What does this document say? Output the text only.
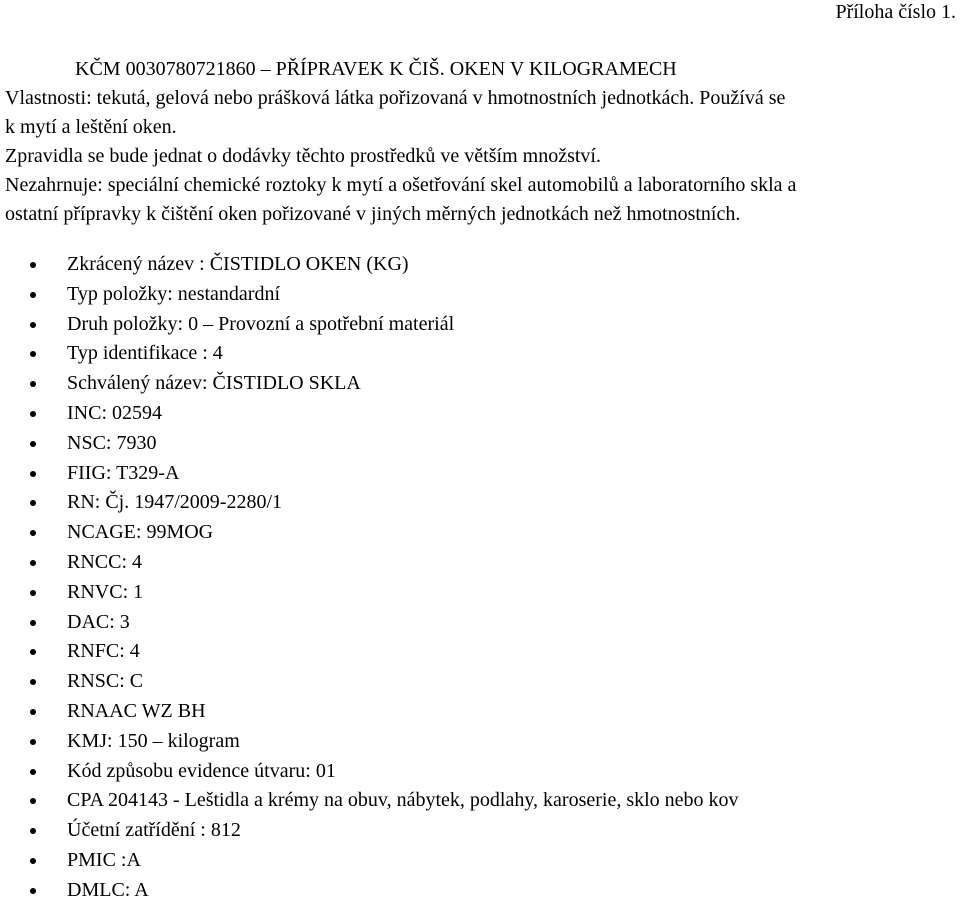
Příloha číslo 1.
KČM 0030780721860 – PŘÍPRAVEK K ČIŠ. OKEN V KILOGRAMECH
Vlastnosti: tekutá, gelová nebo prášková látka pořizovaná v hmotnostních jednotkách. Používá se
k mytí a leštění oken.
Zpravidla se bude jednat o dodávky těchto prostředků ve větším množství.
Nezahrnuje: speciální chemické roztoky k mytí a ošetřování skel automobilů a laboratorního skla a
ostatní přípravky k čištění oken pořizované v jiných měrných jednotkách než hmotnostních.
Zkrácený název : ČISTIDLO OKEN (KG)
Typ položky: nestandardní
Druh položky: 0 – Provozní a spotřební materiál
Typ identifikace : 4
Schválený název: ČISTIDLO SKLA
INC: 02594
NSC: 7930
FIIG: T329-A
RN: Čj. 1947/2009-2280/1
NCAGE: 99MOG
RNCC: 4
RNVC: 1
DAC: 3
RNFC: 4
RNSC: C
RNAAC WZ BH
KMJ: 150 – kilogram
Kód způsobu evidence útvaru: 01
CPA 204143 - Leštidla a krémy na obuv, nábytek, podlahy, karoserie, sklo nebo kov
Účetní zatřídění : 812
PMIC :A
DMLC: A
